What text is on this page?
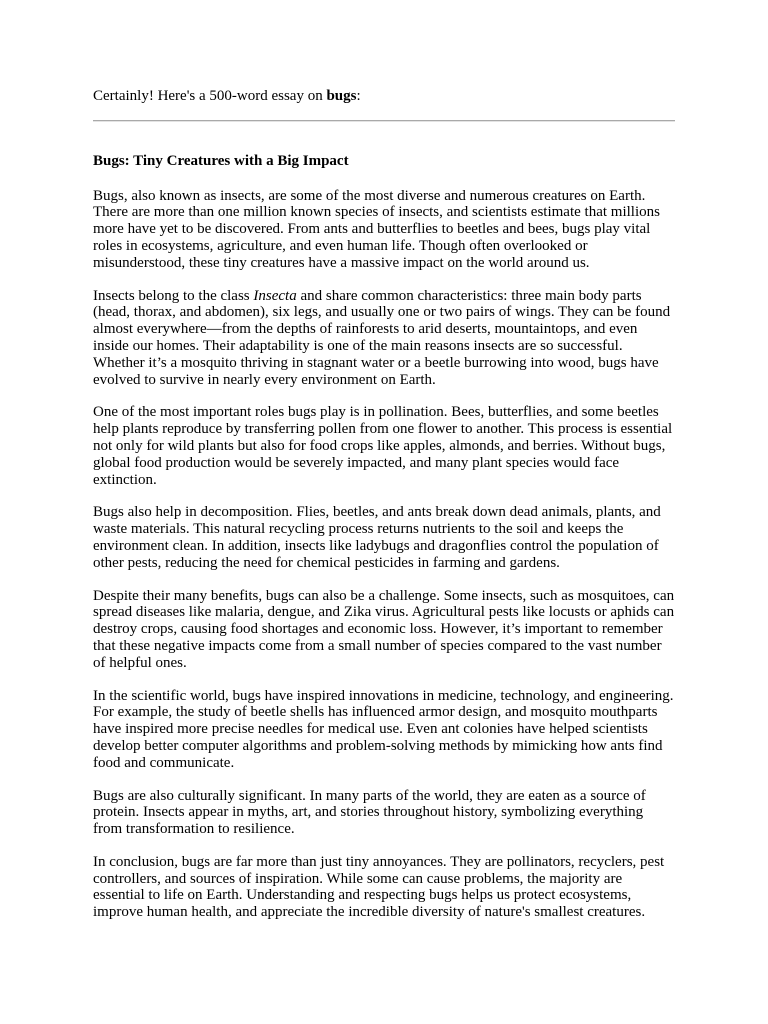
Certainly! Here's a 500-word essay on bugs:

Bugs: Tiny Creatures with a Big Impact

Bugs, also known as insects, are some of the most diverse and numerous creatures on Earth. There are more than one million known species of insects, and scientists estimate that millions more have yet to be discovered. From ants and butterflies to beetles and bees, bugs play vital roles in ecosystems, agriculture, and even human life. Though often overlooked or misunderstood, these tiny creatures have a massive impact on the world around us.

Insects belong to the class Insecta and share common characteristics: three main body parts (head, thorax, and abdomen), six legs, and usually one or two pairs of wings. They can be found almost everywhere—from the depths of rainforests to arid deserts, mountaintops, and even inside our homes. Their adaptability is one of the main reasons insects are so successful. Whether it’s a mosquito thriving in stagnant water or a beetle burrowing into wood, bugs have evolved to survive in nearly every environment on Earth.

One of the most important roles bugs play is in pollination. Bees, butterflies, and some beetles help plants reproduce by transferring pollen from one flower to another. This process is essential not only for wild plants but also for food crops like apples, almonds, and berries. Without bugs, global food production would be severely impacted, and many plant species would face extinction.

Bugs also help in decomposition. Flies, beetles, and ants break down dead animals, plants, and waste materials. This natural recycling process returns nutrients to the soil and keeps the environment clean. In addition, insects like ladybugs and dragonflies control the population of other pests, reducing the need for chemical pesticides in farming and gardens.

Despite their many benefits, bugs can also be a challenge. Some insects, such as mosquitoes, can spread diseases like malaria, dengue, and Zika virus. Agricultural pests like locusts or aphids can destroy crops, causing food shortages and economic loss. However, it’s important to remember that these negative impacts come from a small number of species compared to the vast number of helpful ones.

In the scientific world, bugs have inspired innovations in medicine, technology, and engineering. For example, the study of beetle shells has influenced armor design, and mosquito mouthparts have inspired more precise needles for medical use. Even ant colonies have helped scientists develop better computer algorithms and problem-solving methods by mimicking how ants find food and communicate.

Bugs are also culturally significant. In many parts of the world, they are eaten as a source of protein. Insects appear in myths, art, and stories throughout history, symbolizing everything from transformation to resilience.

In conclusion, bugs are far more than just tiny annoyances. They are pollinators, recyclers, pest controllers, and sources of inspiration. While some can cause problems, the majority are essential to life on Earth. Understanding and respecting bugs helps us protect ecosystems, improve human health, and appreciate the incredible diversity of nature's smallest creatures.
